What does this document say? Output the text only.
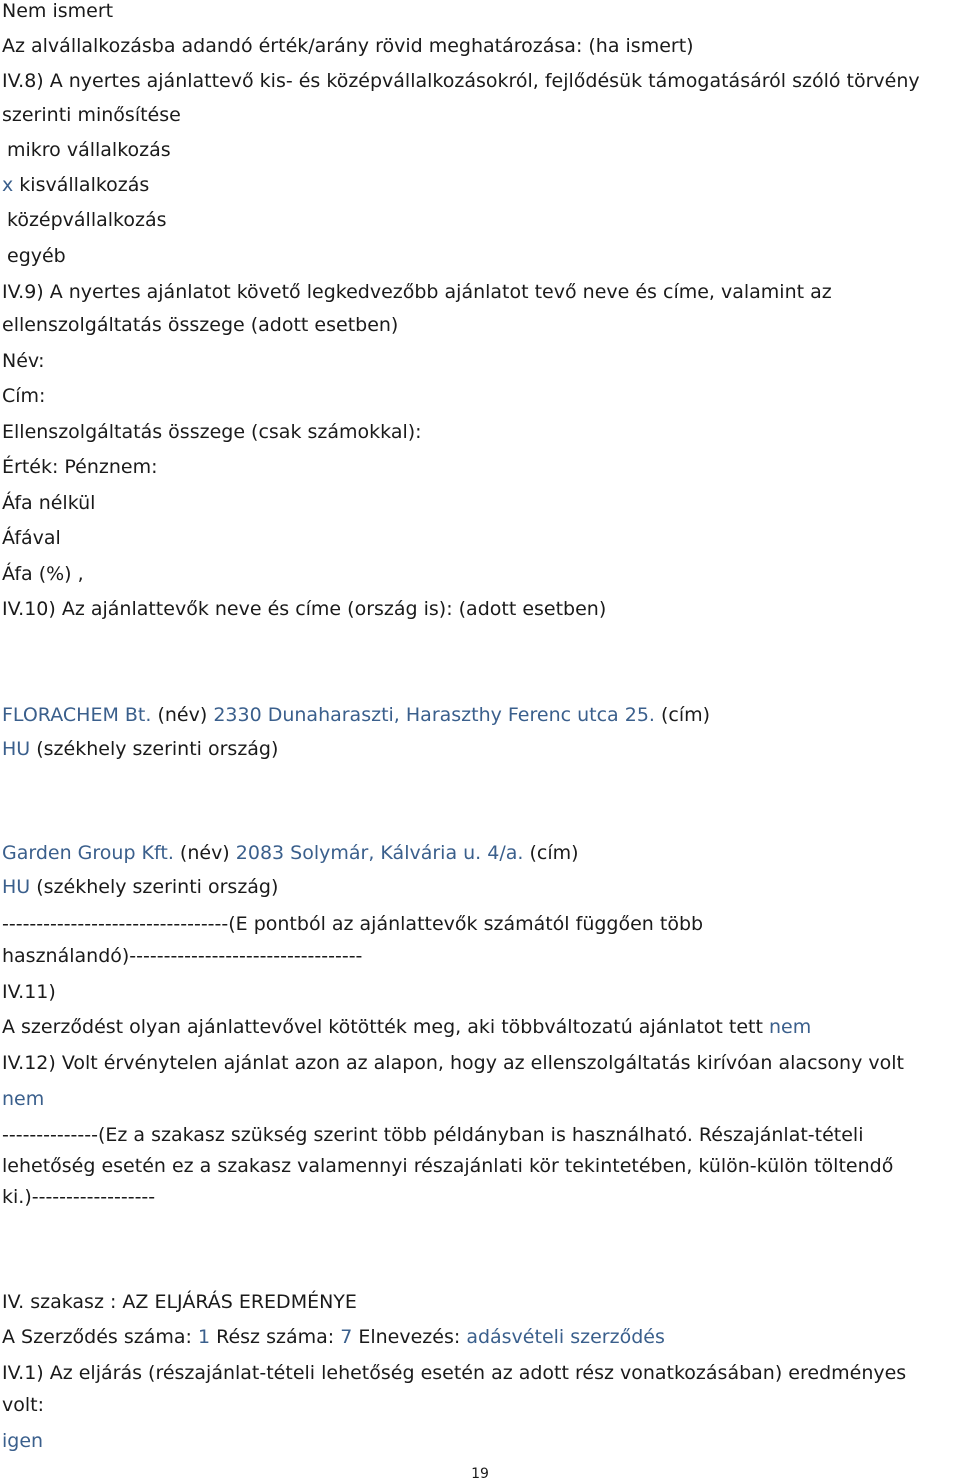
Nem ismert
Az alvállalkozásba adandó érték/arány rövid meghatározása: (ha ismert)
IV.8) A nyertes ajánlattevő kis- és középvállalkozásokról, fejlődésük támogatásáról szóló törvény
szerinti minősítése
mikro vállalkozás
x kisvállalkozás
középvállalkozás
egyéb
IV.9) A nyertes ajánlatot követő legkedvezőbb ajánlatot tevő neve és címe, valamint az
ellenszolgáltatás összege (adott esetben)
Név:
Cím:
Ellenszolgáltatás összege (csak számokkal):
Érték: Pénznem:
Áfa nélkül
Áfával
Áfa (%) ,
IV.10) Az ajánlattevők neve és címe (ország is): (adott esetben)
FLORACHEM Bt. (név) 2330 Dunaharaszti, Haraszthy Ferenc utca 25. (cím)
HU (székhely szerinti ország)
Garden Group Kft. (név) 2083 Solymár, Kálvária u. 4/a. (cím)
HU (székhely szerinti ország)
---------------------------------(E pontból az ajánlattevők számától függően több
használandó)----------------------------------
IV.11)
A szerződést olyan ajánlattevővel kötötték meg, aki többváltozatú ajánlatot tett nem
IV.12) Volt érvénytelen ajánlat azon az alapon, hogy az ellenszolgáltatás kirívóan alacsony volt
nem
--------------(Ez a szakasz szükség szerint több példányban is használható. Részajánlat-tételi
lehetőség esetén ez a szakasz valamennyi részajánlati kör tekintetében, külön-külön töltendő
ki.)------------------
IV. szakasz : AZ ELJÁRÁS EREDMÉNYE
A Szerződés száma: 1 Rész száma: 7 Elnevezés: adásvételi szerződés
IV.1) Az eljárás (részajánlat-tételi lehetőség esetén az adott rész vonatkozásában) eredményes
volt:
igen
19
